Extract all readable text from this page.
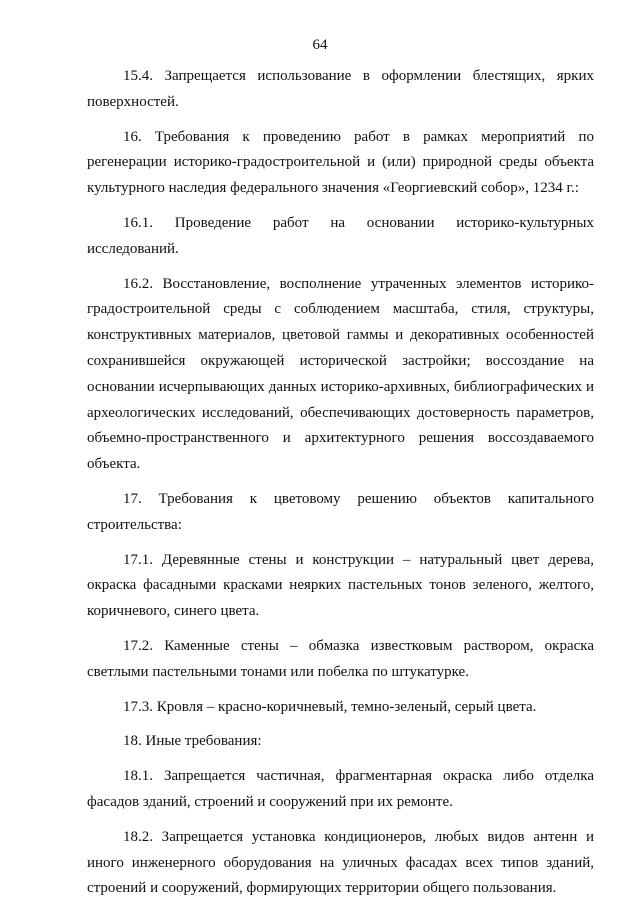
64

15.4. Запрещается использование в оформлении блестящих, ярких поверхностей.

16. Требования к проведению работ в рамках мероприятий по регенерации историко-градостроительной и (или) природной среды объекта культурного наследия федерального значения «Георгиевский собор», 1234 г.:

16.1. Проведение работ на основании историко-культурных исследований.

16.2. Восстановление, восполнение утраченных элементов историко-градостроительной среды с соблюдением масштаба, стиля, структуры, конструктивных материалов, цветовой гаммы и декоративных особенностей сохранившейся окружающей исторической застройки; воссоздание на основании исчерпывающих данных историко-архивных, библиографических и археологических исследований, обеспечивающих достоверность параметров, объемно-пространственного и архитектурного решения воссоздаваемого объекта.

17. Требования к цветовому решению объектов капитального строительства:

17.1. Деревянные стены и конструкции – натуральный цвет дерева, окраска фасадными красками неярких пастельных тонов зеленого, желтого, коричневого, синего цвета.

17.2. Каменные стены – обмазка известковым раствором, окраска светлыми пастельными тонами или побелка по штукатурке.

17.3. Кровля – красно-коричневый, темно-зеленый, серый цвета.

18. Иные требования:

18.1. Запрещается частичная, фрагментарная окраска либо отделка фасадов зданий, строений и сооружений при их ремонте.

18.2. Запрещается установка кондиционеров, любых видов антенн и иного инженерного оборудования на уличных фасадах всех типов зданий, строений и сооружений, формирующих территории общего пользования.
